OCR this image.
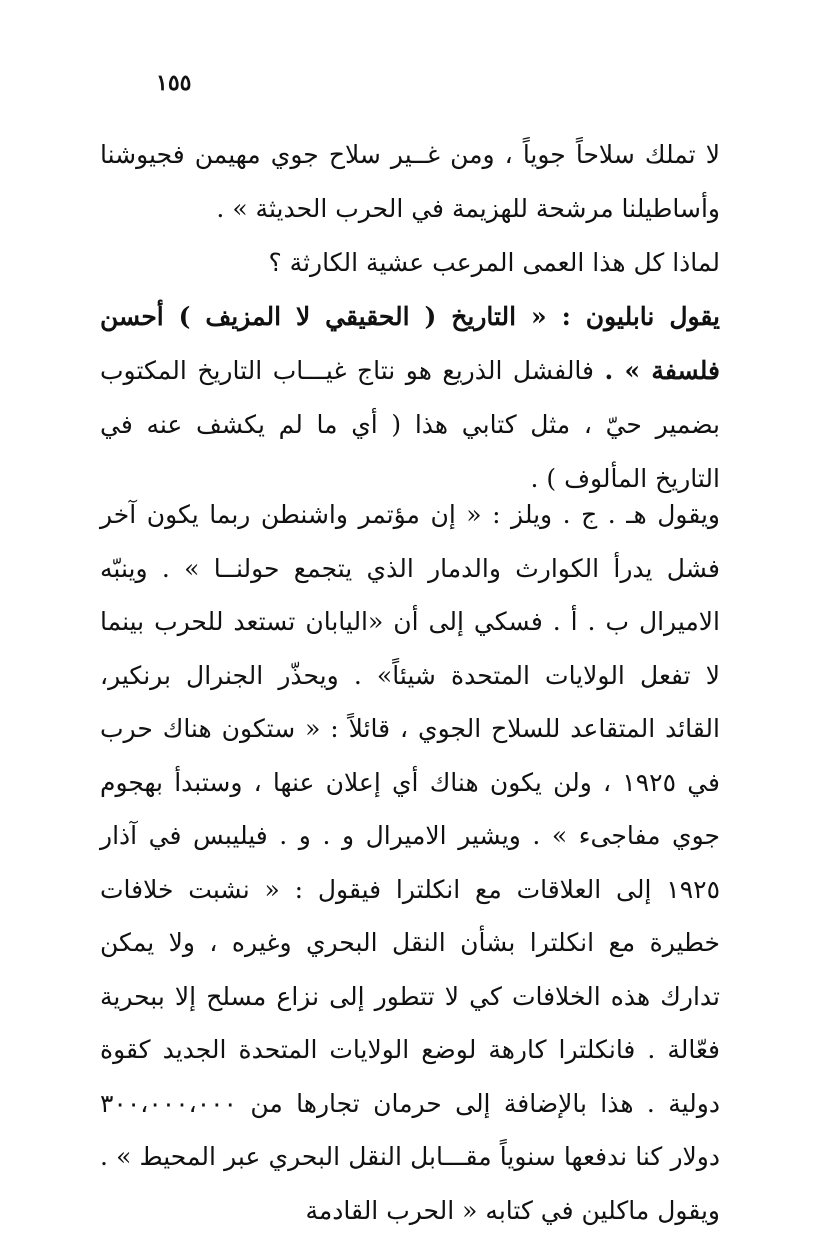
١٥٥
لا تملك سلاحاً جوياً ، ومن غــير سلاح جوي مهيمن فجيوشنا وأساطيلنا مرشحة للهزيمة في الحرب الحديثة » .
لماذا كل هذا العمى المرعب عشية الكارثة ؟
يقول نابليون : « التاريخ ( الحقيقي لا المزيف ) أحسن فلسفة » . فالفشل الذريع هو نتاج غيـــاب التاريخ المكتوب بضمير حيّ ، مثل كتابي هذا ( أي ما لم يكشف عنه في التاريخ المألوف ) .
ويقول هـ . ج . ويلز : « إن مؤتمر واشنطن ربما يكون آخر فشل يدرأ الكوارث والدمار الذي يتجمع حولنــا » . وينبّه الاميرال ب . أ . فسكي إلى أن «اليابان تستعد للحرب بينما لا تفعل الولايات المتحدة شيئاً» . ويحذّر الجنرال برنكير، القائد المتقاعد للسلاح الجوي ، قائلاً : « ستكون هناك حرب في ١٩٢٥ ، ولن يكون هناك أي إعلان عنها ، وستبدأ بهجوم جوي مفاجىء » . ويشير الاميرال و . و . فيليبس في آذار ١٩٢٥ إلى العلاقات مع انكلترا فيقول : « نشبت خلافات خطيرة مع انكلترا بشأن النقل البحري وغيره ، ولا يمكن تدارك هذه الخلافات كي لا تتطور إلى نزاع مسلح إلا ببحرية فعّالة . فانكلترا كارهة لوضع الولايات المتحدة الجديد كقوة دولية . هذا بالإضافة إلى حرمان تجارها من ٣٠٠،٠٠٠،٠٠٠ دولار كنا ندفعها سنوياً مقـــابل النقل البحري عبر المحيط » . ويقول ماكلين في كتابه « الحرب القادمة
